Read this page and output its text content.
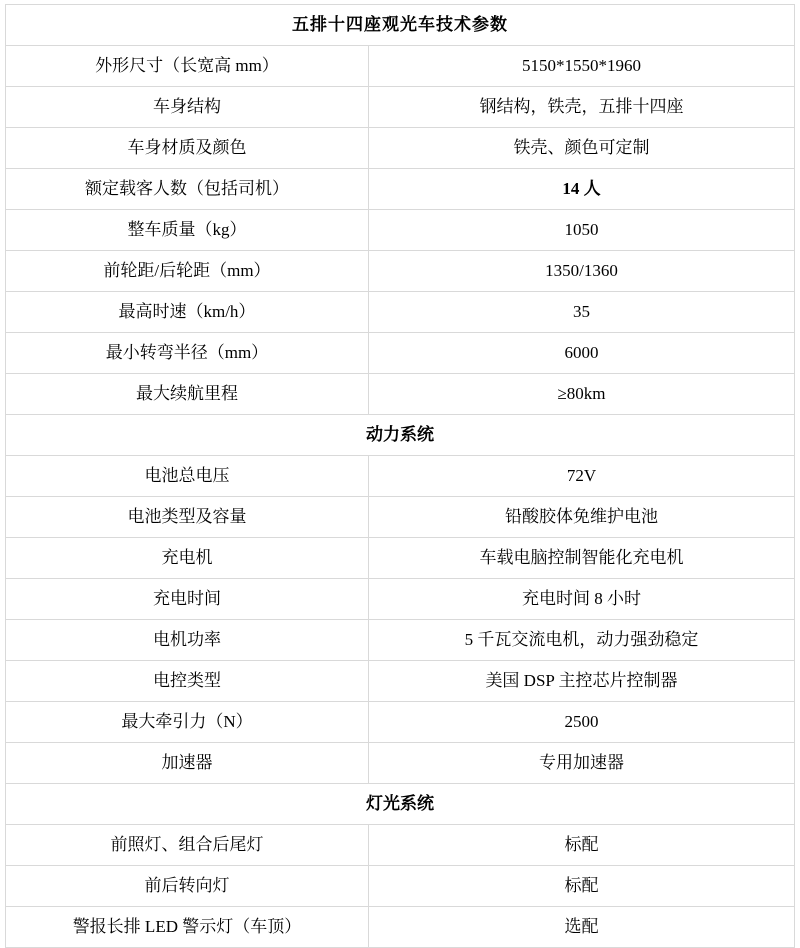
五排十四座观光车技术参数	
外形尺寸（长宽高 mm）	5150*1550*1960
车身结构	钢结构，铁壳，五排十四座
车身材质及颜色	铁壳、颜色可定制
额定载客人数（包括司机）	14 人
整车质量（kg）	1050
前轮距/后轮距（mm）	1350/1360
最高时速（km/h）	35
最小转弯半径（mm）	6000
最大续航里程	≥80km
动力系统	
电池总电压	72V
电池类型及容量	铅酸胶体免维护电池
充电机	车载电脑控制智能化充电机
充电时间	充电时间 8 小时
电机功率	5 千瓦交流电机，动力强劲稳定
电控类型	美国 DSP 主控芯片控制器
最大牵引力（N）	2500
加速器	专用加速器
灯光系统	
前照灯、组合后尾灯	标配
前后转向灯	标配
警报长排 LED 警示灯（车顶）	选配
